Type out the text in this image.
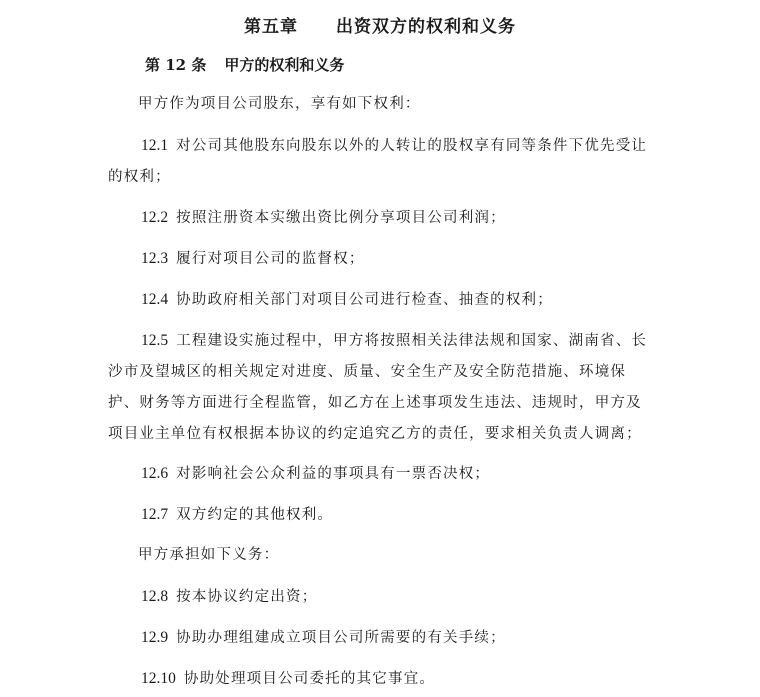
第五章 出资双方的权利和义务
第 12 条 甲方的权利和义务
甲方作为项目公司股东，享有如下权利：
12.1 对公司其他股东向股东以外的人转让的股权享有同等条件下优先受让的权利；
12.2 按照注册资本实缴出资比例分享项目公司利润；
12.3 履行对项目公司的监督权；
12.4 协助政府相关部门对项目公司进行检查、抽查的权利；
12.5 工程建设实施过程中，甲方将按照相关法律法规和国家、湖南省、长沙市及望城区的相关规定对进度、质量、安全生产及安全防范措施、环境保护、财务等方面进行全程监管，如乙方在上述事项发生违法、违规时，甲方及项目业主单位有权根据本协议的约定追究乙方的责任，要求相关负责人调离；
12.6 对影响社会公众利益的事项具有一票否决权；
12.7 双方约定的其他权利。
甲方承担如下义务：
12.8 按本协议约定出资；
12.9 协助办理组建成立项目公司所需要的有关手续；
12.10 协助处理项目公司委托的其它事宜。
